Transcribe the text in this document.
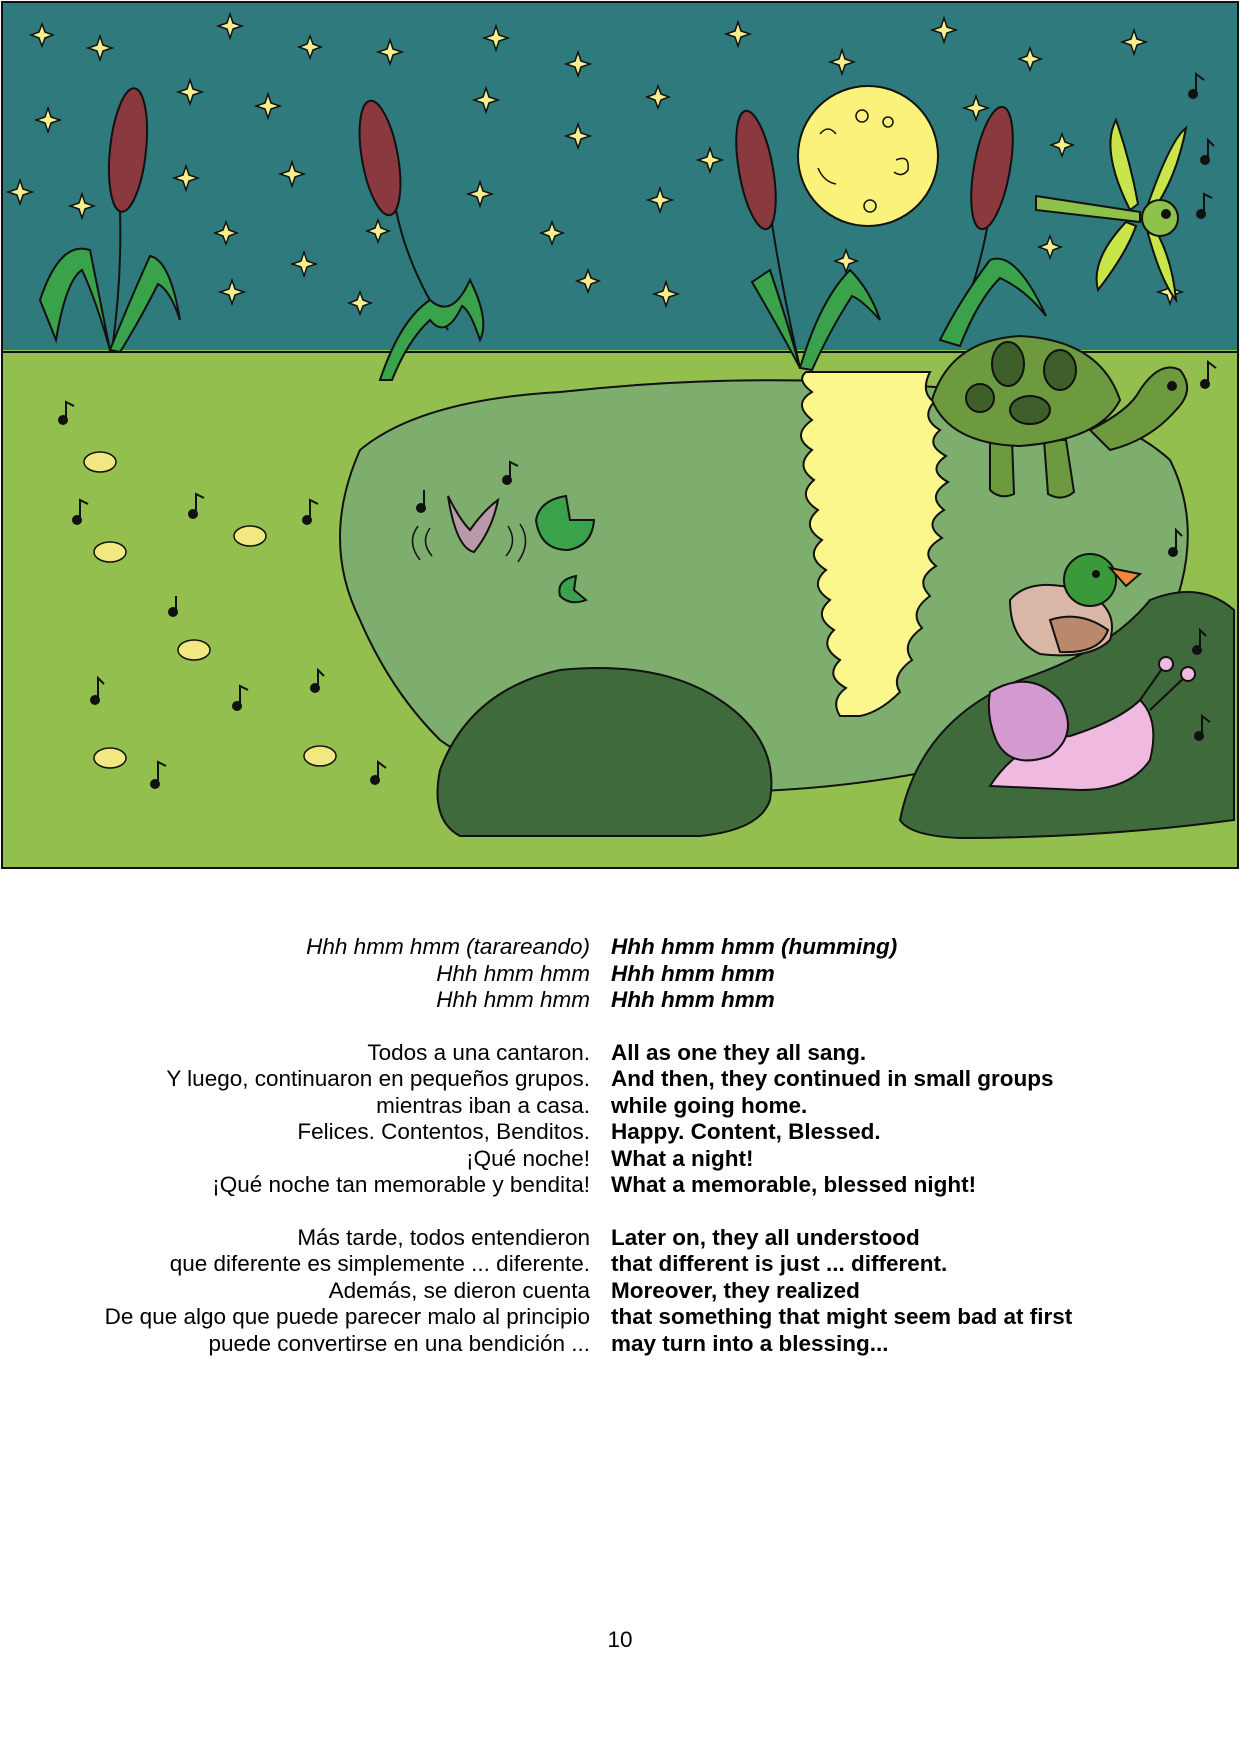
Hhh hmm hmm (tarareando) Hhh hmm hmm (humming)
Hhh hmm hmm Hhh hmm hmm
Hhh hmm hmm Hhh hmm hmm
Todos a una cantaron. All as one they all sang.
Y luego, continuaron en pequeños grupos. And then, they continued in small groups
mientras iban a casa. while going home.
Felices. Contentos, Benditos. Happy. Content, Blessed.
¡Qué noche! What a night!
¡Qué noche tan memorable y bendita! What a memorable, blessed night!
Más tarde, todos entendieron Later on, they all understood
que diferente es simplemente ... diferente. that different is just ... different.
Además, se dieron cuenta Moreover, they realized
De que algo que puede parecer malo al principio that something that might seem bad at first
puede convertirse en una bendición ... may turn into a blessing...
10
